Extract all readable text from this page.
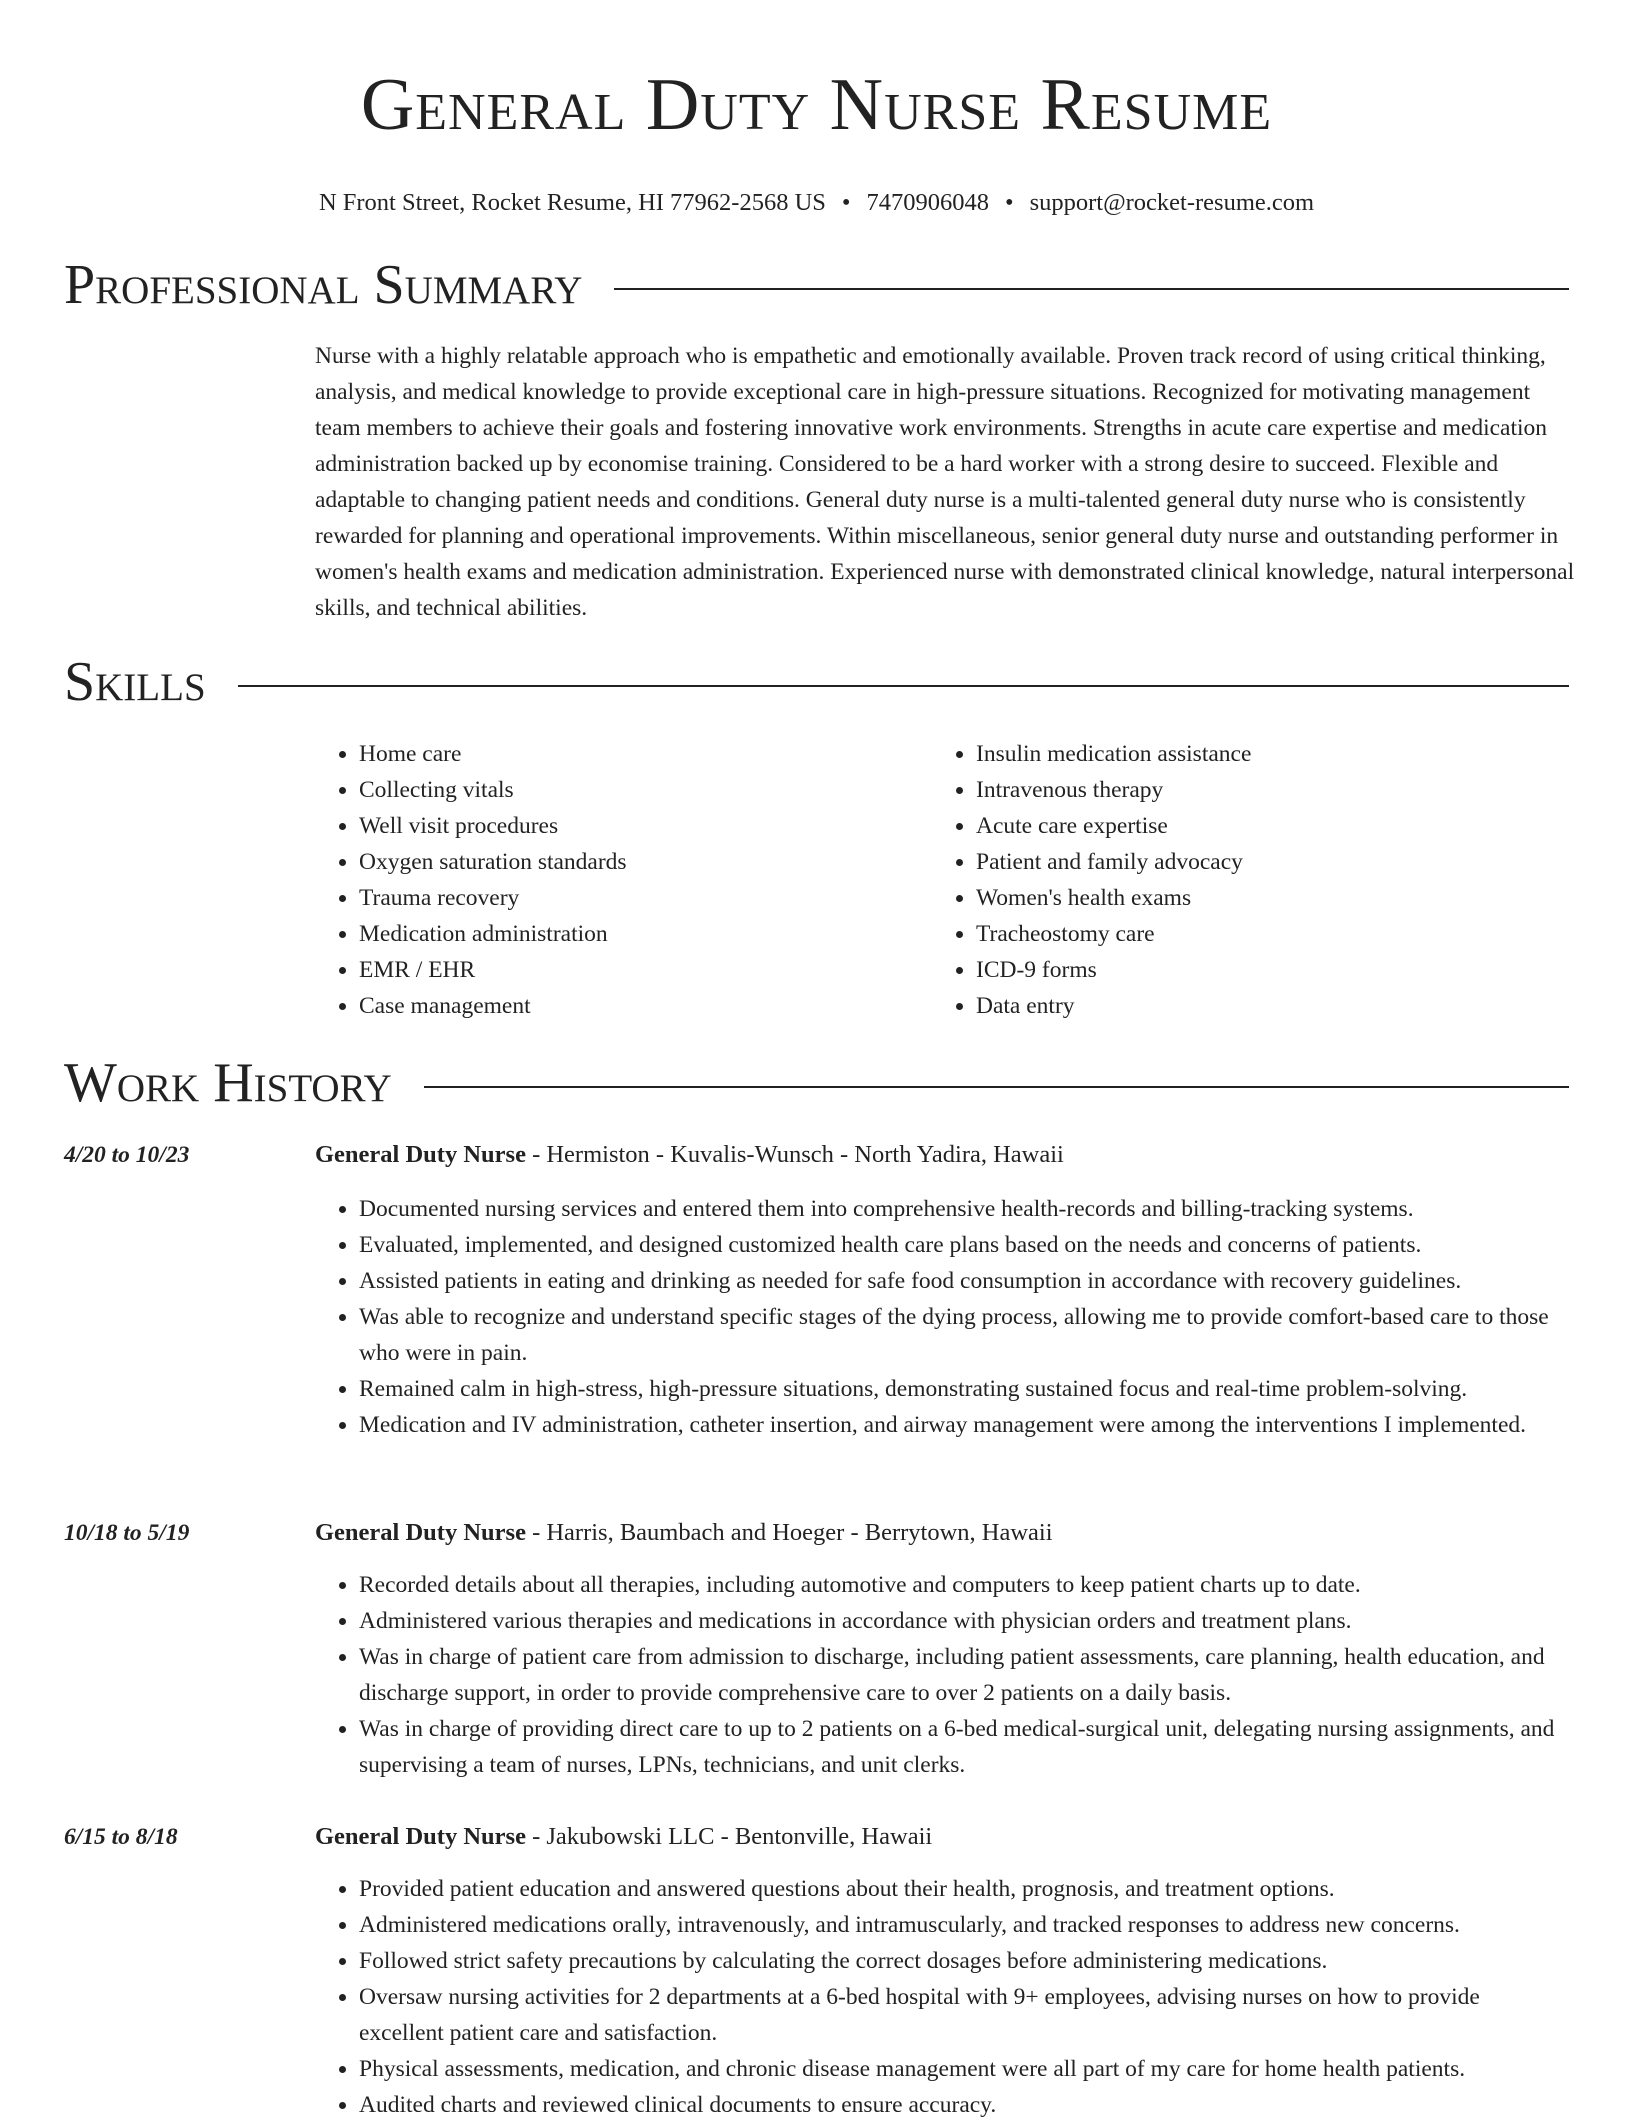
General Duty Nurse Resume
N Front Street, Rocket Resume, HI 77962-2568 US • 7470906048 • support@rocket-resume.com
Professional Summary
Nurse with a highly relatable approach who is empathetic and emotionally available. Proven track record of using critical thinking, analysis, and medical knowledge to provide exceptional care in high-pressure situations. Recognized for motivating management team members to achieve their goals and fostering innovative work environments. Strengths in acute care expertise and medication administration backed up by economise training. Considered to be a hard worker with a strong desire to succeed. Flexible and adaptable to changing patient needs and conditions. General duty nurse is a multi-talented general duty nurse who is consistently rewarded for planning and operational improvements. Within miscellaneous, senior general duty nurse and outstanding performer in women's health exams and medication administration. Experienced nurse with demonstrated clinical knowledge, natural interpersonal skills, and technical abilities.
Skills
• Home care
• Collecting vitals
• Well visit procedures
• Oxygen saturation standards
• Trauma recovery
• Medication administration
• EMR / EHR
• Case management
• Insulin medication assistance
• Intravenous therapy
• Acute care expertise
• Patient and family advocacy
• Women's health exams
• Tracheostomy care
• ICD-9 forms
• Data entry
Work History
4/20 to 10/23	General Duty Nurse - Hermiston - Kuvalis-Wunsch - North Yadira, Hawaii
• Documented nursing services and entered them into comprehensive health-records and billing-tracking systems.
• Evaluated, implemented, and designed customized health care plans based on the needs and concerns of patients.
• Assisted patients in eating and drinking as needed for safe food consumption in accordance with recovery guidelines.
• Was able to recognize and understand specific stages of the dying process, allowing me to provide comfort-based care to those who were in pain.
• Remained calm in high-stress, high-pressure situations, demonstrating sustained focus and real-time problem-solving.
• Medication and IV administration, catheter insertion, and airway management were among the interventions I implemented.
10/18 to 5/19	General Duty Nurse - Harris, Baumbach and Hoeger - Berrytown, Hawaii
• Recorded details about all therapies, including automotive and computers to keep patient charts up to date.
• Administered various therapies and medications in accordance with physician orders and treatment plans.
• Was in charge of patient care from admission to discharge, including patient assessments, care planning, health education, and discharge support, in order to provide comprehensive care to over 2 patients on a daily basis.
• Was in charge of providing direct care to up to 2 patients on a 6-bed medical-surgical unit, delegating nursing assignments, and supervising a team of nurses, LPNs, technicians, and unit clerks.
6/15 to 8/18	General Duty Nurse - Jakubowski LLC - Bentonville, Hawaii
• Provided patient education and answered questions about their health, prognosis, and treatment options.
• Administered medications orally, intravenously, and intramuscularly, and tracked responses to address new concerns.
• Followed strict safety precautions by calculating the correct dosages before administering medications.
• Oversaw nursing activities for 2 departments at a 6-bed hospital with 9+ employees, advising nurses on how to provide excellent patient care and satisfaction.
• Physical assessments, medication, and chronic disease management were all part of my care for home health patients.
• Audited charts and reviewed clinical documents to ensure accuracy.
